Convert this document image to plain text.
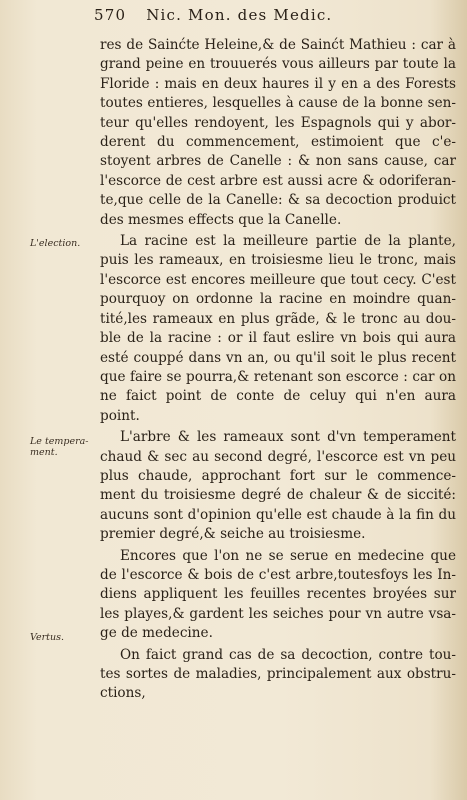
570 Nic. Mon. des Medic.
L'election.
Le tempera-ment.
Vertus.
res de Sainćte Heleine,& de Sainćt Mathieu : car à
grand peine en trouuerés vous ailleurs par toute la
Floride : mais en deux haures il y en a des Forests
toutes entieres, lesquelles à cause de la bonne sen-
teur qu'elles rendoyent, les Espagnols qui y abor-
derent du commencement, estimoient que c'e-
stoyent arbres de Canelle : & non sans cause, car
l'escorce de cest arbre est aussi acre & odoriferan-
te,que celle de la Canelle: & sa decoction produict
des mesmes effects que la Canelle.
La racine est la meilleure partie de la plante,
puis les rameaux, en troisiesme lieu le tronc, mais
l'escorce est encores meilleure que tout cecy. C'est
pourquoy on ordonne la racine en moindre quan-
tité,les rameaux en plus grãde, & le tronc au dou-
ble de la racine : or il faut eslire vn bois qui aura
esté couppé dans vn an, ou qu'il soit le plus recent
que faire se pourra,& retenant son escorce : car on
ne faict point de conte de celuy qui n'en aura
point.
L'arbre & les rameaux sont d'vn temperament
chaud & sec au second degré, l'escorce est vn peu
plus chaude, approchant fort sur le commence-
ment du troisiesme degré de chaleur & de siccité:
aucuns sont d'opinion qu'elle est chaude à la fin du
premier degré,& seiche au troisiesme.
Encores que l'on ne se serue en medecine que
de l'escorce & bois de c'est arbre,toutesfoys les In-
diens appliquent les feuilles recentes broyées sur
les playes,& gardent les seiches pour vn autre vsa-
ge de medecine.
On faict grand cas de sa decoction, contre tou-
tes sortes de maladies, principalement aux obstru-
ctions,
